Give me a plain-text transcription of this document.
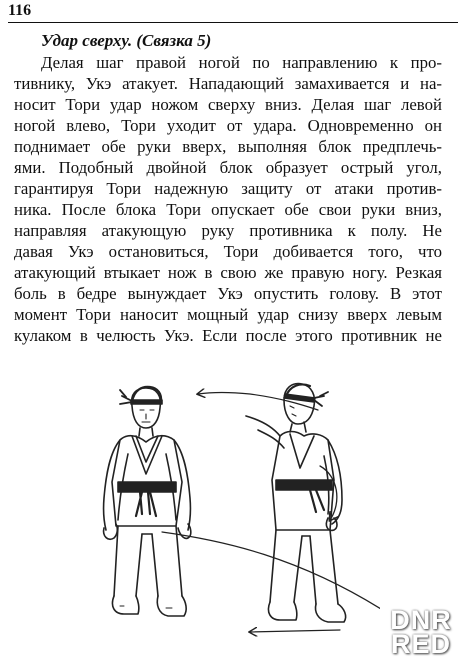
116
Удар сверху. (Связка 5)
Делая шаг правой ногой по направлению к про-
тивнику, Укэ атакует. Нападающий замахивается и на-
носит Тори удар ножом сверху вниз. Делая шаг левой
ногой влево, Тори уходит от удара. Одновременно он
поднимает обе руки вверх, выполняя блок предплечь-
ями. Подобный двойной блок образует острый угол,
гарантируя Тори надежную защиту от атаки против-
ника. После блока Тори опускает обе свои руки вниз,
направляя атакующую руку противника к полу. Не
давая Укэ остановиться, Тори добивается того, что
атакующий втыкает нож в свою же правую ногу. Резкая
боль в бедре вынуждает Укэ опустить голову. В этот
момент Тори наносит мощный удар снизу вверх левым
кулаком в челюсть Укэ. Если после этого противник не
DNR
RED
